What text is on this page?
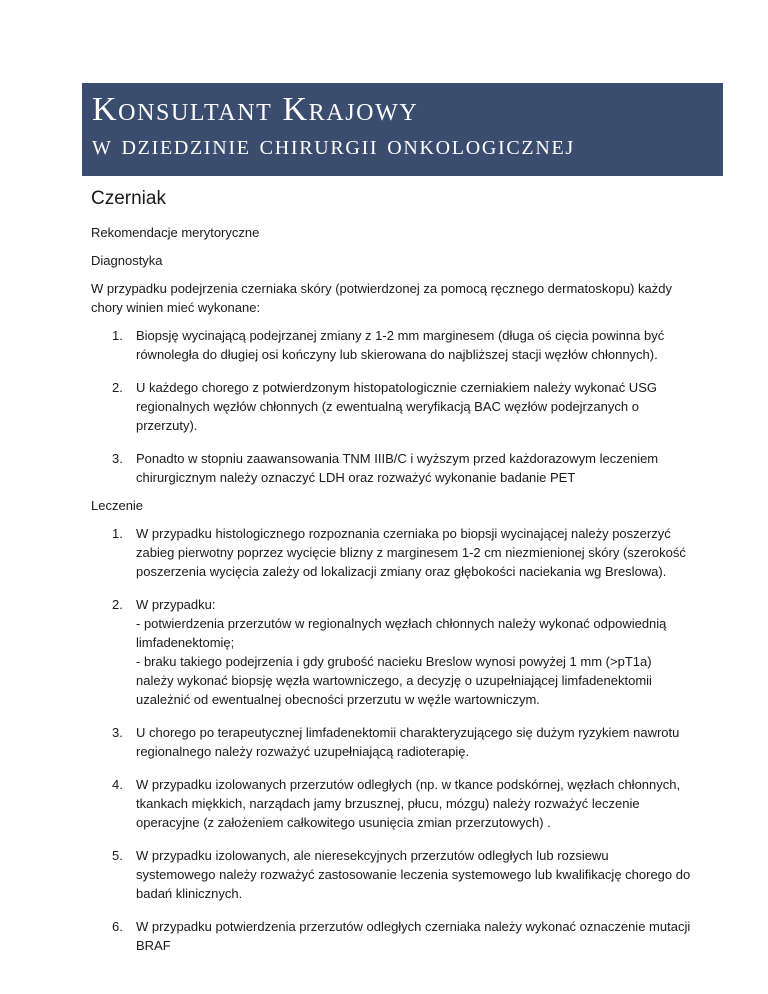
Konsultant Krajowy
w dziedzinie chirurgii onkologicznej
Czerniak
Rekomendacje merytoryczne
Diagnostyka
W przypadku podejrzenia czerniaka skóry (potwierdzonej za pomocą ręcznego dermatoskopu) każdy chory winien mieć wykonane:
1. Biopsję wycinającą podejrzanej zmiany z 1-2 mm marginesem (długa oś cięcia powinna być równoległa do długiej osi kończyny lub skierowana do najbliższej stacji węzłów chłonnych).
2. U każdego chorego z potwierdzonym histopatologicznie czerniakiem należy wykonać USG regionalnych węzłów chłonnych (z ewentualną weryfikacją BAC węzłów podejrzanych o przerzuty).
3. Ponadto w stopniu zaawansowania TNM IIIB/C i wyższym przed każdorazowym leczeniem chirurgicznym należy oznaczyć LDH oraz rozważyć wykonanie badanie PET
Leczenie
1. W przypadku histologicznego rozpoznania czerniaka po biopsji wycinającej należy poszerzyć zabieg pierwotny poprzez wycięcie blizny z marginesem 1-2 cm niezmienionej skóry (szerokość poszerzenia wycięcia zależy od lokalizacji zmiany oraz głębokości naciekania wg Breslowa).
2. W przypadku:
- potwierdzenia przerzutów w regionalnych węzłach chłonnych należy wykonać odpowiednią limfadenektomię;
- braku takiego podejrzenia i gdy grubość nacieku Breslow wynosi powyżej 1 mm (>pT1a) należy wykonać biopsję węzła wartowniczego, a decyzję o uzupełniającej limfadenektomii uzależnić od ewentualnej obecności przerzutu w węźle wartowniczym.
3. U chorego po terapeutycznej limfadenektomii charakteryzującego się dużym ryzykiem nawrotu regionalnego należy rozważyć uzupełniającą radioterapię.
4. W przypadku izolowanych przerzutów odległych (np. w tkance podskórnej, węzłach chłonnych, tkankach miękkich, narządach jamy brzusznej, płucu, mózgu) należy rozważyć leczenie operacyjne (z założeniem całkowitego usunięcia zmian przerzutowych) .
5. W przypadku izolowanych, ale nieresekcyjnych przerzutów odległych lub rozsiewu systemowego należy rozważyć zastosowanie leczenia systemowego lub kwalifikację chorego do badań klinicznych.
6. W przypadku potwierdzenia przerzutów odległych czerniaka należy wykonać oznaczenie mutacji BRAF
